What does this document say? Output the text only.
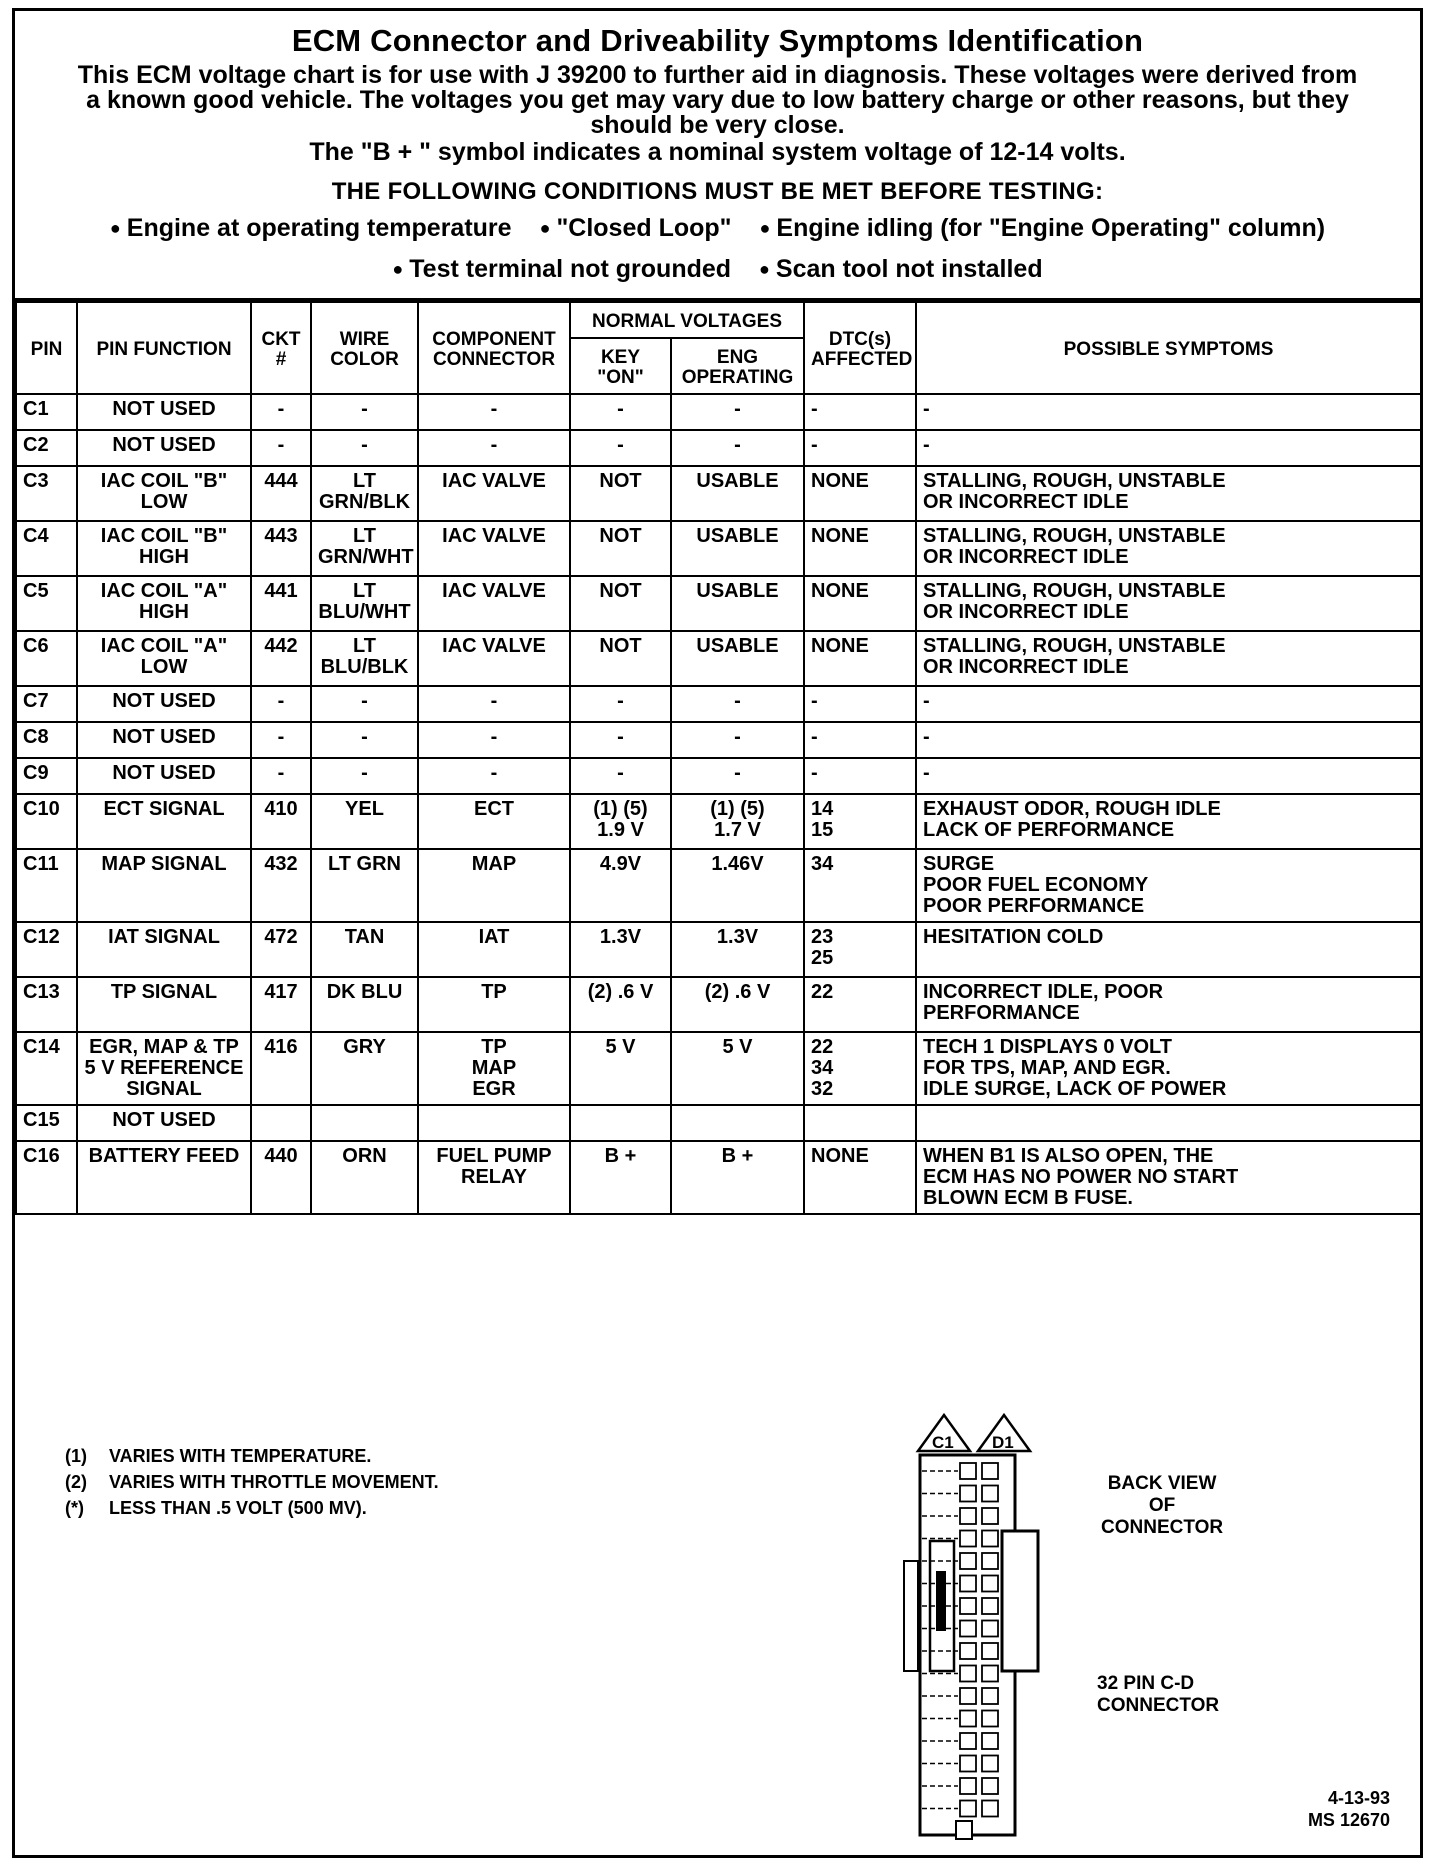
ECM Connector and Driveability Symptoms Identification
This ECM voltage chart is for use with J 39200 to further aid in diagnosis. These voltages were derived from
a known good vehicle. The voltages you get may vary due to low battery charge or other reasons, but they
should be very close.
The "B + " symbol indicates a nominal system voltage of 12-14 volts.
THE FOLLOWING CONDITIONS MUST BE MET BEFORE TESTING:
● Engine at operating temperature	● "Closed Loop"	● Engine idling (for "Engine Operating" column)
● Test terminal not grounded	● Scan tool not installed
PIN	PIN FUNCTION	CKT #	WIRE COLOR	COMPONENT CONNECTOR	NORMAL VOLTAGES		DTC(s) AFFECTED	POSSIBLE SYMPTOMS
					KEY "ON"	ENG OPERATING		
C1	NOT USED	-	-	-	-	-	-	-
C2	NOT USED	-	-	-	-	-	-	-
C3	IAC COIL "B" LOW	444	LT
GRN/BLK	IAC VALVE	NOT	USABLE	NONE	STALLING, ROUGH, UNSTABLE
OR INCORRECT IDLE
C4	IAC COIL "B"
HIGH	443	LT
GRN/WHT	IAC VALVE	NOT	USABLE	NONE	STALLING, ROUGH, UNSTABLE
OR INCORRECT IDLE
C5	IAC COIL "A"
HIGH	441	LT
BLU/WHT	IAC VALVE	NOT	USABLE	NONE	STALLING, ROUGH, UNSTABLE
OR INCORRECT IDLE
C6	IAC COIL "A"
LOW	442	LT
BLU/BLK	IAC VALVE	NOT	USABLE	NONE	STALLING, ROUGH, UNSTABLE
OR INCORRECT IDLE
C7	NOT USED	-	-	-	-	-	-	-
C8	NOT USED	-	-	-	-	-	-	-
C9	NOT USED	-	-	-	-	-	-	-
C10	ECT SIGNAL	410	YEL	ECT	(1) (5)
1.9 V	(1) (5)
1.7 V	14
15	EXHAUST ODOR, ROUGH IDLE
LACK OF PERFORMANCE
C11	MAP SIGNAL	432	LT GRN	MAP	4.9V	1.46V	34	SURGE
POOR FUEL ECONOMY
POOR PERFORMANCE
C12	IAT SIGNAL	472	TAN	IAT	1.3V	1.3V	23
25	HESITATION COLD
C13	TP SIGNAL	417	DK BLU	TP	(2) .6 V	(2) .6 V	22	INCORRECT IDLE, POOR
PERFORMANCE
C14	EGR, MAP & TP
5 V REFERENCE
SIGNAL	416	GRY	TP
MAP
EGR	5 V	5 V	22
34
32	TECH 1 DISPLAYS 0 VOLT
FOR TPS, MAP, AND EGR.
IDLE SURGE, LACK OF POWER
C15	NOT USED							
C16	BATTERY FEED	440	ORN	FUEL PUMP
RELAY	B +	B +	NONE	WHEN B1 IS ALSO OPEN, THE
ECM HAS NO POWER NO START
BLOWN ECM B FUSE.
(1) VARIES WITH TEMPERATURE.
(2) VARIES WITH THROTTLE MOVEMENT.
(*) LESS THAN .5 VOLT (500 MV).
C1 D1
BACK VIEW
OF
CONNECTOR
32 PIN C-D
CONNECTOR
4-13-93
MS 12670
